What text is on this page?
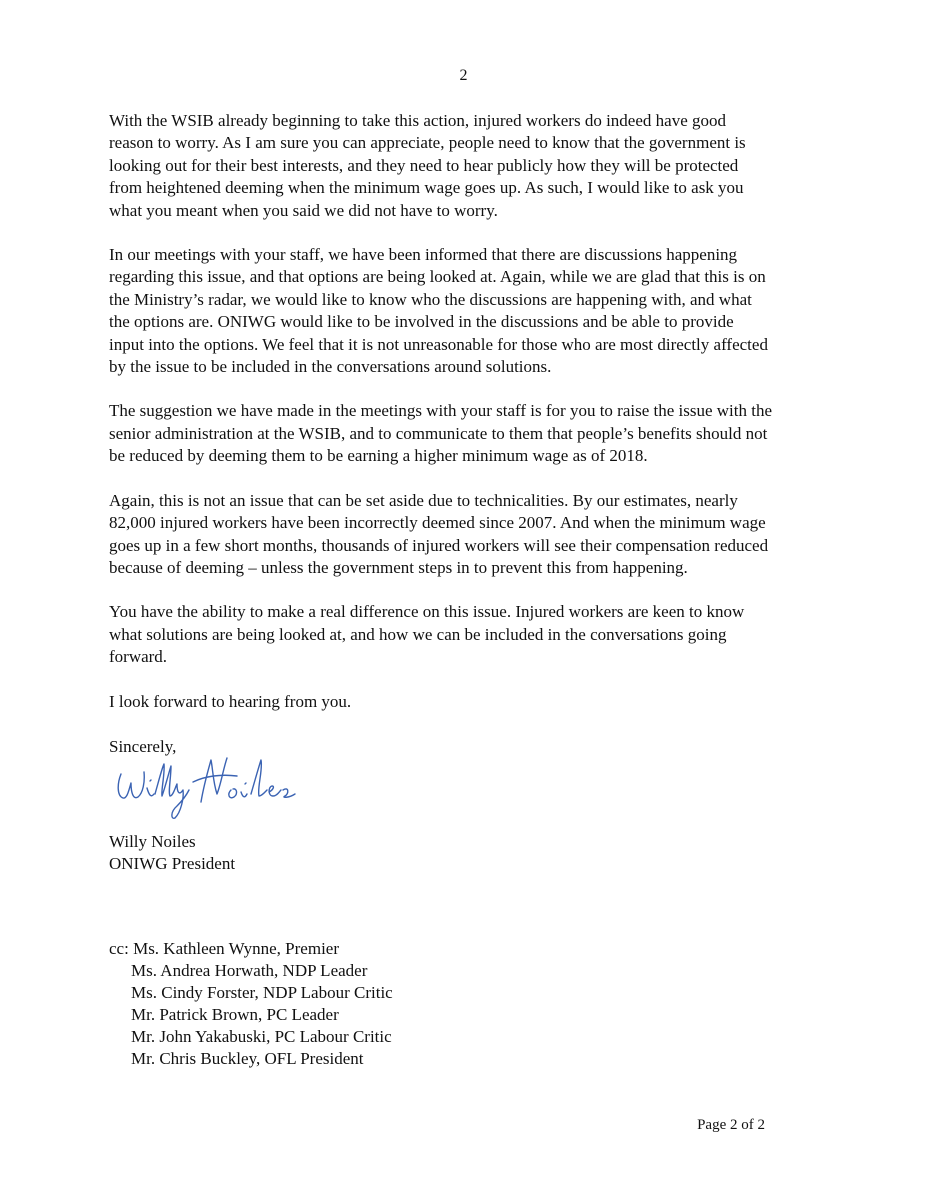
2

With the WSIB already beginning to take this action, injured workers do indeed have good
reason to worry. As I am sure you can appreciate, people need to know that the government is
looking out for their best interests, and they need to hear publicly how they will be protected
from heightened deeming when the minimum wage goes up. As such, I would like to ask you
what you meant when you said we did not have to worry.

In our meetings with your staff, we have been informed that there are discussions happening
regarding this issue, and that options are being looked at. Again, while we are glad that this is on
the Ministry’s radar, we would like to know who the discussions are happening with, and what
the options are. ONIWG would like to be involved in the discussions and be able to provide
input into the options. We feel that it is not unreasonable for those who are most directly affected
by the issue to be included in the conversations around solutions.

The suggestion we have made in the meetings with your staff is for you to raise the issue with the
senior administration at the WSIB, and to communicate to them that people’s benefits should not
be reduced by deeming them to be earning a higher minimum wage as of 2018.

Again, this is not an issue that can be set aside due to technicalities. By our estimates, nearly
82,000 injured workers have been incorrectly deemed since 2007. And when the minimum wage
goes up in a few short months, thousands of injured workers will see their compensation reduced
because of deeming – unless the government steps in to prevent this from happening.

You have the ability to make a real difference on this issue. Injured workers are keen to know
what solutions are being looked at, and how we can be included in the conversations going
forward.

I look forward to hearing from you.

Sincerely,

Willy Noiles
ONIWG President
cc: Ms. Kathleen Wynne, Premier
Ms. Andrea Horwath, NDP Leader
Ms. Cindy Forster, NDP Labour Critic
Mr. Patrick Brown, PC Leader
Mr. John Yakabuski, PC Labour Critic
Mr. Chris Buckley, OFL President
Page 2 of 2
